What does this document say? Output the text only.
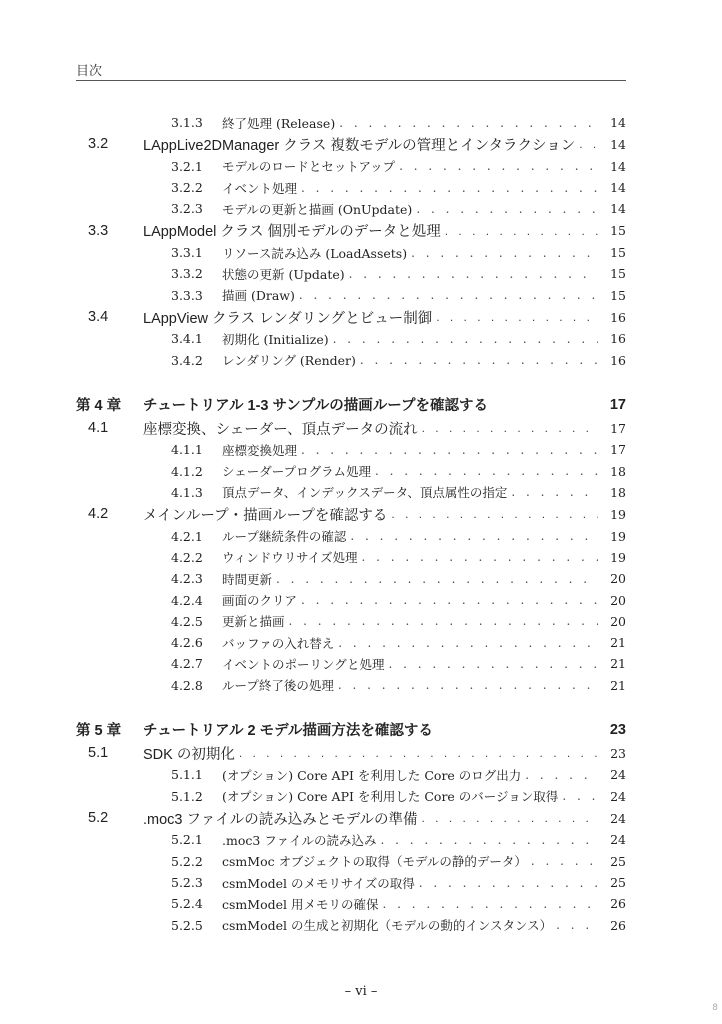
目次
3.1.3	終了処理 (Release) . . .	14
3.2	LAppLive2DManager クラス 複数モデルの管理とインタラクション . . .	14
3.2.1	モデルのロードとセットアップ . . .	14
3.2.2	イベント処理 . . .	14
3.2.3	モデルの更新と描画 (OnUpdate) . . .	14
3.3	LAppModel クラス 個別モデルのデータと処理 . . .	15
3.3.1	リソース読み込み (LoadAssets) . . .	15
3.3.2	状態の更新 (Update) . . .	15
3.3.3	描画 (Draw) . . .	15
3.4	LAppView クラス レンダリングとビュー制御 . . .	16
3.4.1	初期化 (Initialize) . . .	16
3.4.2	レンダリング (Render) . . .	16
第 4 章	チュートリアル 1-3 サンプルの描画ループを確認する	17
4.1	座標変換、シェーダー、頂点データの流れ . . .	17
4.1.1	座標変換処理 . . .	17
4.1.2	シェーダープログラム処理 . . .	18
4.1.3	頂点データ、インデックスデータ、頂点属性の指定 . . .	18
4.2	メインループ・描画ループを確認する . . .	19
4.2.1	ループ継続条件の確認 . . .	19
4.2.2	ウィンドウリサイズ処理 . . .	19
4.2.3	時間更新 . . .	20
4.2.4	画面のクリア . . .	20
4.2.5	更新と描画 . . .	20
4.2.6	バッファの入れ替え . . .	21
4.2.7	イベントのポーリングと処理 . . .	21
4.2.8	ループ終了後の処理 . . .	21
第 5 章	チュートリアル 2 モデル描画方法を確認する	23
5.1	SDK の初期化 . . .	23
5.1.1	(オプション) Core API を利用した Core のログ出力 . . .	24
5.1.2	(オプション) Core API を利用した Core のバージョン取得 . . .	24
5.2	.moc3 ファイルの読み込みとモデルの準備 . . .	24
5.2.1	.moc3 ファイルの読み込み . . .	24
5.2.2	csmMoc オブジェクトの取得（モデルの静的データ） . . .	25
5.2.3	csmModel のメモリサイズの取得 . . .	25
5.2.4	csmModel 用メモリの確保 . . .	26
5.2.5	csmModel の生成と初期化（モデルの動的インスタンス） . . .	26
– vi –
8
